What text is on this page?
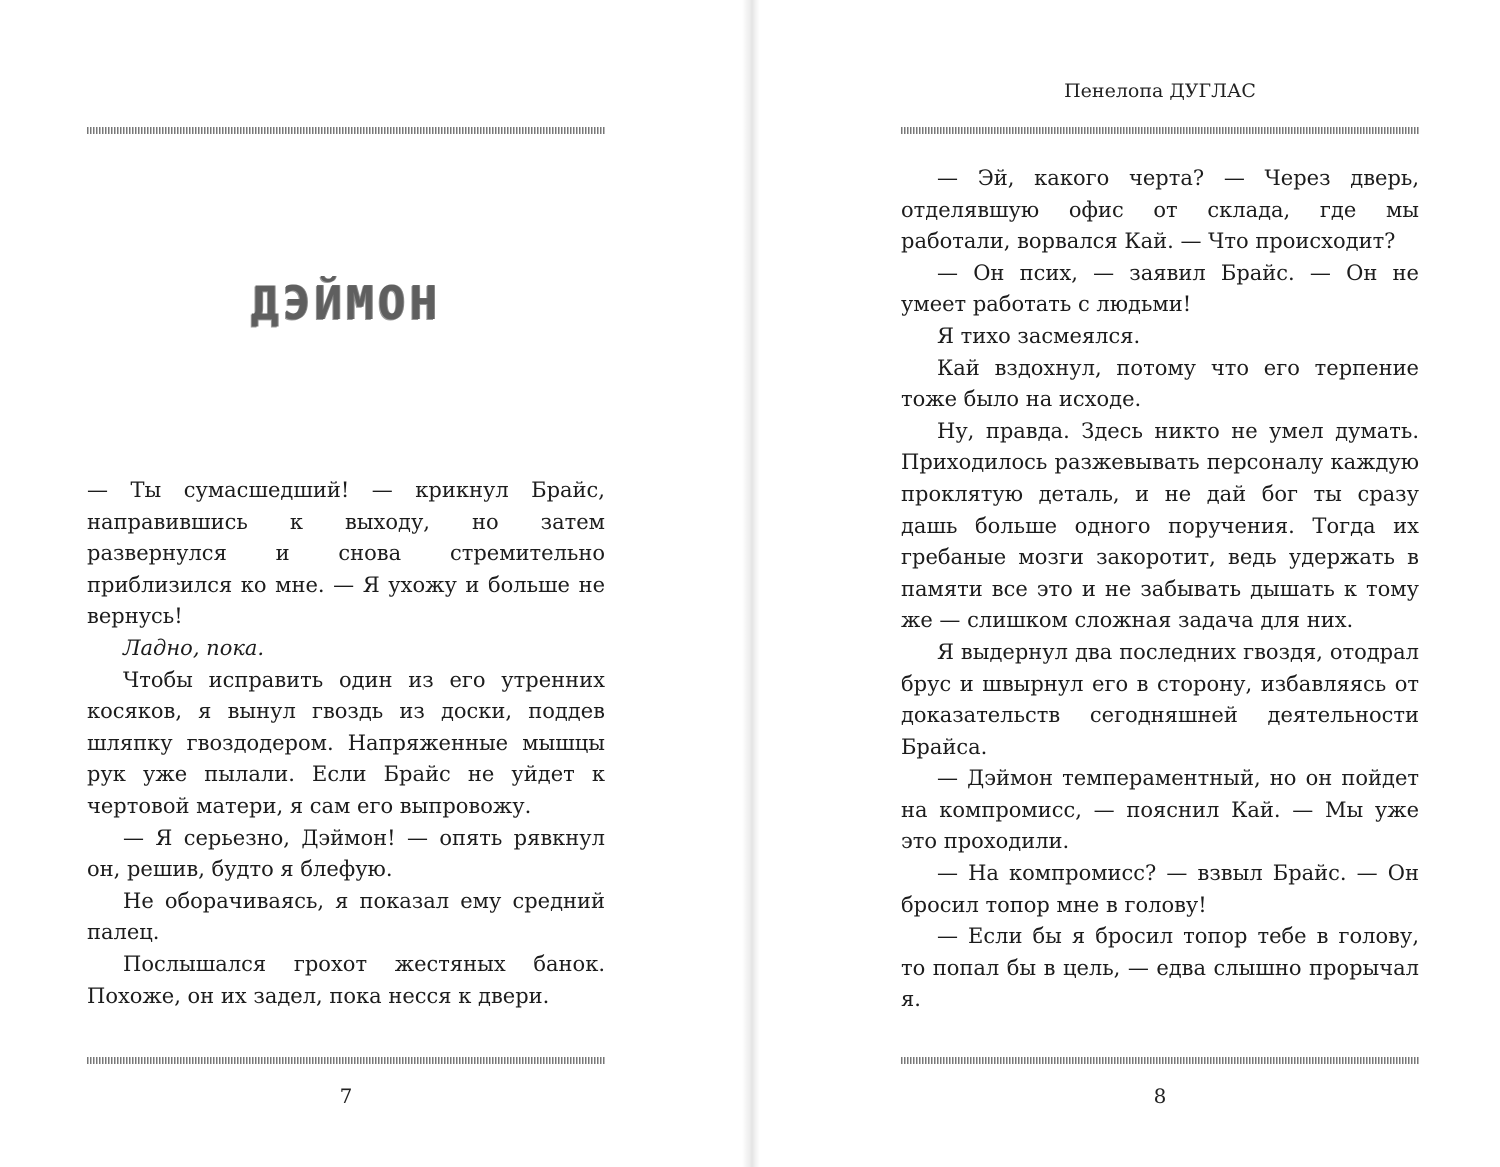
ДЭЙМОН

— Ты сумасшедший! — крикнул Брайс, направившись к выходу, но затем развернулся и снова стремительно приблизился ко мне. — Я ухожу и больше не вернусь!

Ладно, пока.

Чтобы исправить один из его утренних косяков, я вынул гвоздь из доски, поддев шляпку гвоздодером. Напряженные мышцы рук уже пылали. Если Брайс не уйдет к чертовой матери, я сам его выпровожу.

— Я серьезно, Дэймон! — опять рявкнул он, решив, будто я блефую.

Не оборачиваясь, я показал ему средний палец.

Послышался грохот жестяных банок. Похоже, он их задел, пока несся к двери.

7
Пенелопа ДУГЛАС

— Эй, какого черта? — Через дверь, отделявшую офис от склада, где мы работали, ворвался Кай. — Что происходит?

— Он псих, — заявил Брайс. — Он не умеет работать с людьми!

Я тихо засмеялся.

Кай вздохнул, потому что его терпение тоже было на исходе.

Ну, правда. Здесь никто не умел думать. Приходилось разжевывать персоналу каждую проклятую деталь, и не дай бог ты сразу дашь больше одного поручения. Тогда их гребаные мозги закоротит, ведь удержать в памяти все это и не забывать дышать к тому же — слишком сложная задача для них.

Я выдернул два последних гвоздя, отодрал брус и швырнул его в сторону, избавляясь от доказательств сегодняшней деятельности Брайса.

— Дэймон темпераментный, но он пойдет на компромисс, — пояснил Кай. — Мы уже это проходили.

— На компромисс? — взвыл Брайс. — Он бросил топор мне в голову!

— Если бы я бросил топор тебе в голову, то попал бы в цель, — едва слышно прорычал я.

8
